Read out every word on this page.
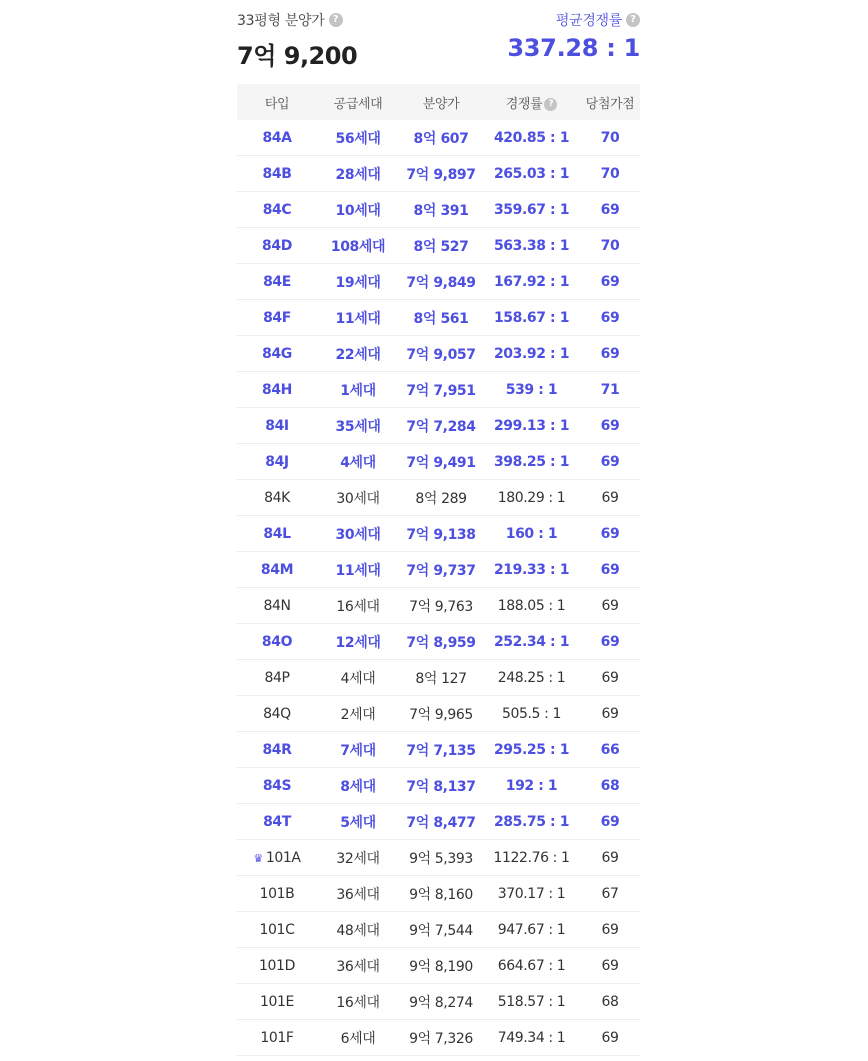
33평형 분양가 ?
7억 9,200
평균경쟁률 ?
337.28 : 1
타입	공급세대	분양가	경쟁률 ?	당첨가점
84A	56세대	8억 607	420.85 : 1	70
84B	28세대	7억 9,897	265.03 : 1	70
84C	10세대	8억 391	359.67 : 1	69
84D	108세대	8억 527	563.38 : 1	70
84E	19세대	7억 9,849	167.92 : 1	69
84F	11세대	8억 561	158.67 : 1	69
84G	22세대	7억 9,057	203.92 : 1	69
84H	1세대	7억 7,951	539 : 1	71
84I	35세대	7억 7,284	299.13 : 1	69
84J	4세대	7억 9,491	398.25 : 1	69
84K	30세대	8억 289	180.29 : 1	69
84L	30세대	7억 9,138	160 : 1	69
84M	11세대	7억 9,737	219.33 : 1	69
84N	16세대	7억 9,763	188.05 : 1	69
84O	12세대	7억 8,959	252.34 : 1	69
84P	4세대	8억 127	248.25 : 1	69
84Q	2세대	7억 9,965	505.5 : 1	69
84R	7세대	7억 7,135	295.25 : 1	66
84S	8세대	7억 8,137	192 : 1	68
84T	5세대	7억 8,477	285.75 : 1	69
♛ 101A	32세대	9억 5,393	1122.76 : 1	69
101B	36세대	9억 8,160	370.17 : 1	67
101C	48세대	9억 7,544	947.67 : 1	69
101D	36세대	9억 8,190	664.67 : 1	69
101E	16세대	9억 8,274	518.57 : 1	68
101F	6세대	9억 7,326	749.34 : 1	69
